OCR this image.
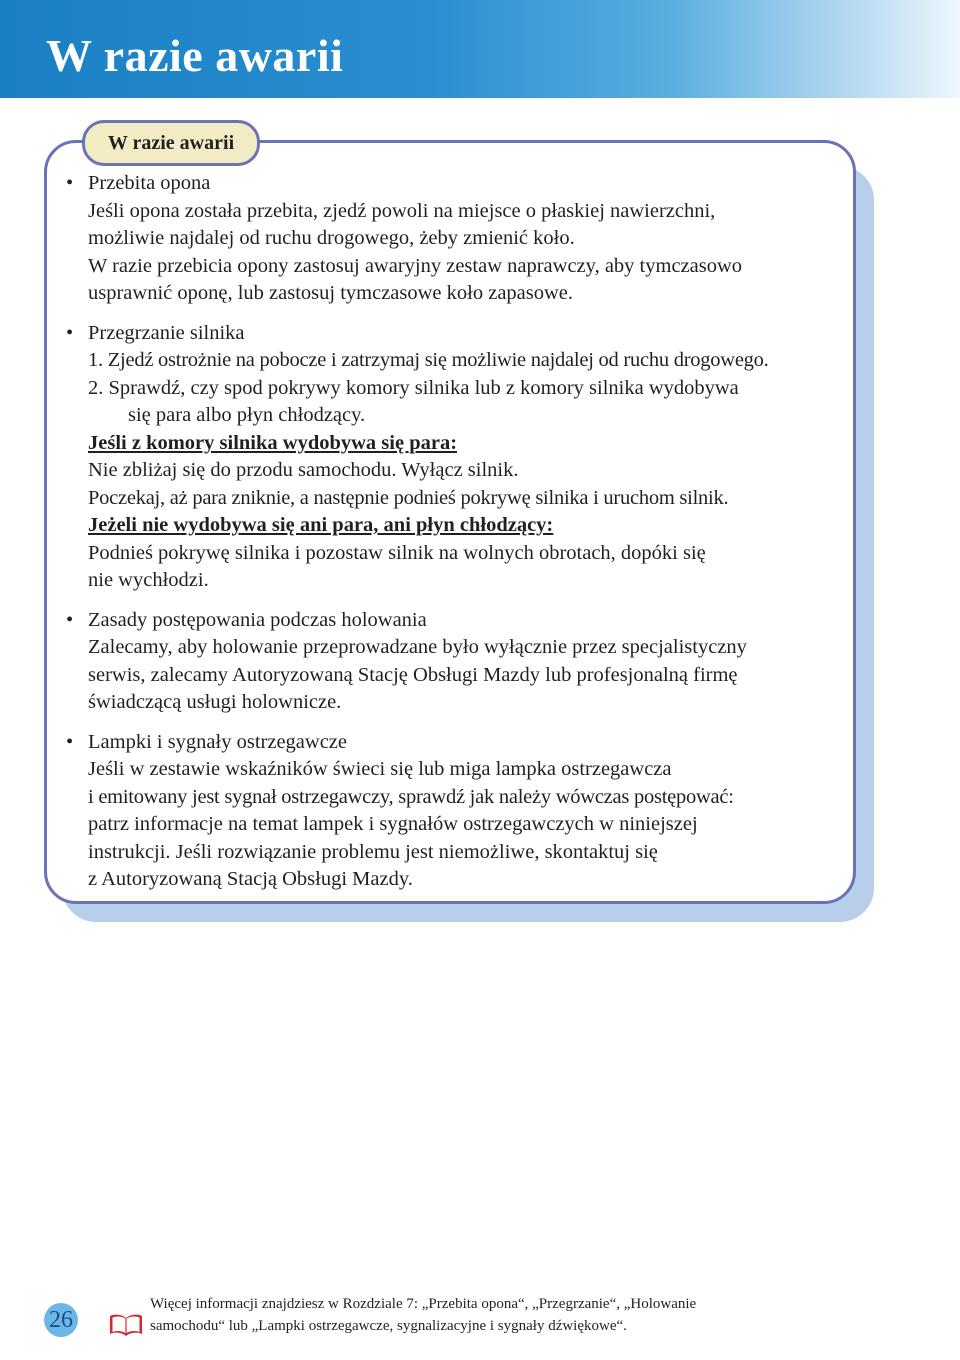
W razie awarii
W razie awarii
• Przebita opona
Jeśli opona została przebita, zjedź powoli na miejsce o płaskiej nawierzchni,
możliwie najdalej od ruchu drogowego, żeby zmienić koło.
W razie przebicia opony zastosuj awaryjny zestaw naprawczy, aby tymczasowo
usprawnić oponę, lub zastosuj tymczasowe koło zapasowe.
• Przegrzanie silnika
1. Zjedź ostrożnie na pobocze i zatrzymaj się możliwie najdalej od ruchu drogowego.
2. Sprawdź, czy spod pokrywy komory silnika lub z komory silnika wydobywa
się para albo płyn chłodzący.
Jeśli z komory silnika wydobywa się para:
Nie zbliżaj się do przodu samochodu. Wyłącz silnik.
Poczekaj, aż para zniknie, a następnie podnieś pokrywę silnika i uruchom silnik.
Jeżeli nie wydobywa się ani para, ani płyn chłodzący:
Podnieś pokrywę silnika i pozostaw silnik na wolnych obrotach, dopóki się
nie wychłodzi.
• Zasady postępowania podczas holowania
Zalecamy, aby holowanie przeprowadzane było wyłącznie przez specjalistyczny
serwis, zalecamy Autoryzowaną Stację Obsługi Mazdy lub profesjonalną firmę
świadczącą usługi holownicze.
• Lampki i sygnały ostrzegawcze
Jeśli w zestawie wskaźników świeci się lub miga lampka ostrzegawcza
i emitowany jest sygnał ostrzegawczy, sprawdź jak należy wówczas postępować:
patrz informacje na temat lampek i sygnałów ostrzegawczych w niniejszej
instrukcji. Jeśli rozwiązanie problemu jest niemożliwe, skontaktuj się
z Autoryzowaną Stacją Obsługi Mazdy.
26
Więcej informacji znajdziesz w Rozdziale 7: „Przebita opona“, „Przegrzanie“, „Holowanie
samochodu“ lub „Lampki ostrzegawcze, sygnalizacyjne i sygnały dźwiękowe“.
